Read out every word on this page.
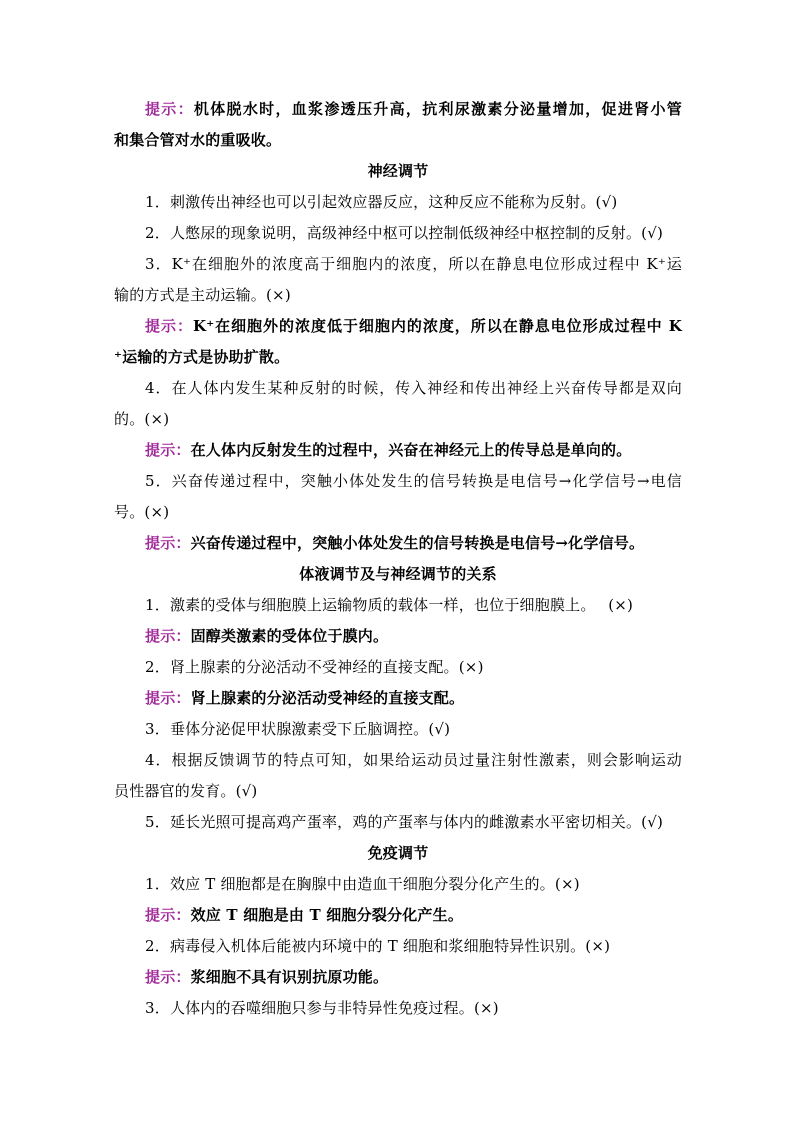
提示：机体脱水时，血浆渗透压升高，抗利尿激素分泌量增加，促进肾小管
和集合管对水的重吸收。
神经调节
1．刺激传出神经也可以引起效应器反应，这种反应不能称为反射。(√)
2．人憋尿的现象说明，高级神经中枢可以控制低级神经中枢控制的反射。(√)
3．K⁺在细胞外的浓度高于细胞内的浓度，所以在静息电位形成过程中 K⁺运
输的方式是主动运输。(×)
提示：K⁺在细胞外的浓度低于细胞内的浓度，所以在静息电位形成过程中 K
⁺运输的方式是协助扩散。
4．在人体内发生某种反射的时候，传入神经和传出神经上兴奋传导都是双向
的。(×)
提示：在人体内反射发生的过程中，兴奋在神经元上的传导总是单向的。
5．兴奋传递过程中，突触小体处发生的信号转换是电信号→化学信号→电信
号。(×)
提示：兴奋传递过程中，突触小体处发生的信号转换是电信号→化学信号。
体液调节及与神经调节的关系
1．激素的受体与细胞膜上运输物质的载体一样，也位于细胞膜上。　 (×)
提示：固醇类激素的受体位于膜内。
2．肾上腺素的分泌活动不受神经的直接支配。(×)
提示：肾上腺素的分泌活动受神经的直接支配。
3．垂体分泌促甲状腺激素受下丘脑调控。(√)
4．根据反馈调节的特点可知，如果给运动员过量注射性激素，则会影响运动
员性器官的发育。(√)
5．延长光照可提高鸡产蛋率，鸡的产蛋率与体内的雌激素水平密切相关。(√)
免疫调节
1．效应 T 细胞都是在胸腺中由造血干细胞分裂分化产生的。(×)
提示：效应 T 细胞是由 T 细胞分裂分化产生。
2．病毒侵入机体后能被内环境中的 T 细胞和浆细胞特异性识别。(×)
提示：浆细胞不具有识别抗原功能。
3．人体内的吞噬细胞只参与非特异性免疫过程。(×)
